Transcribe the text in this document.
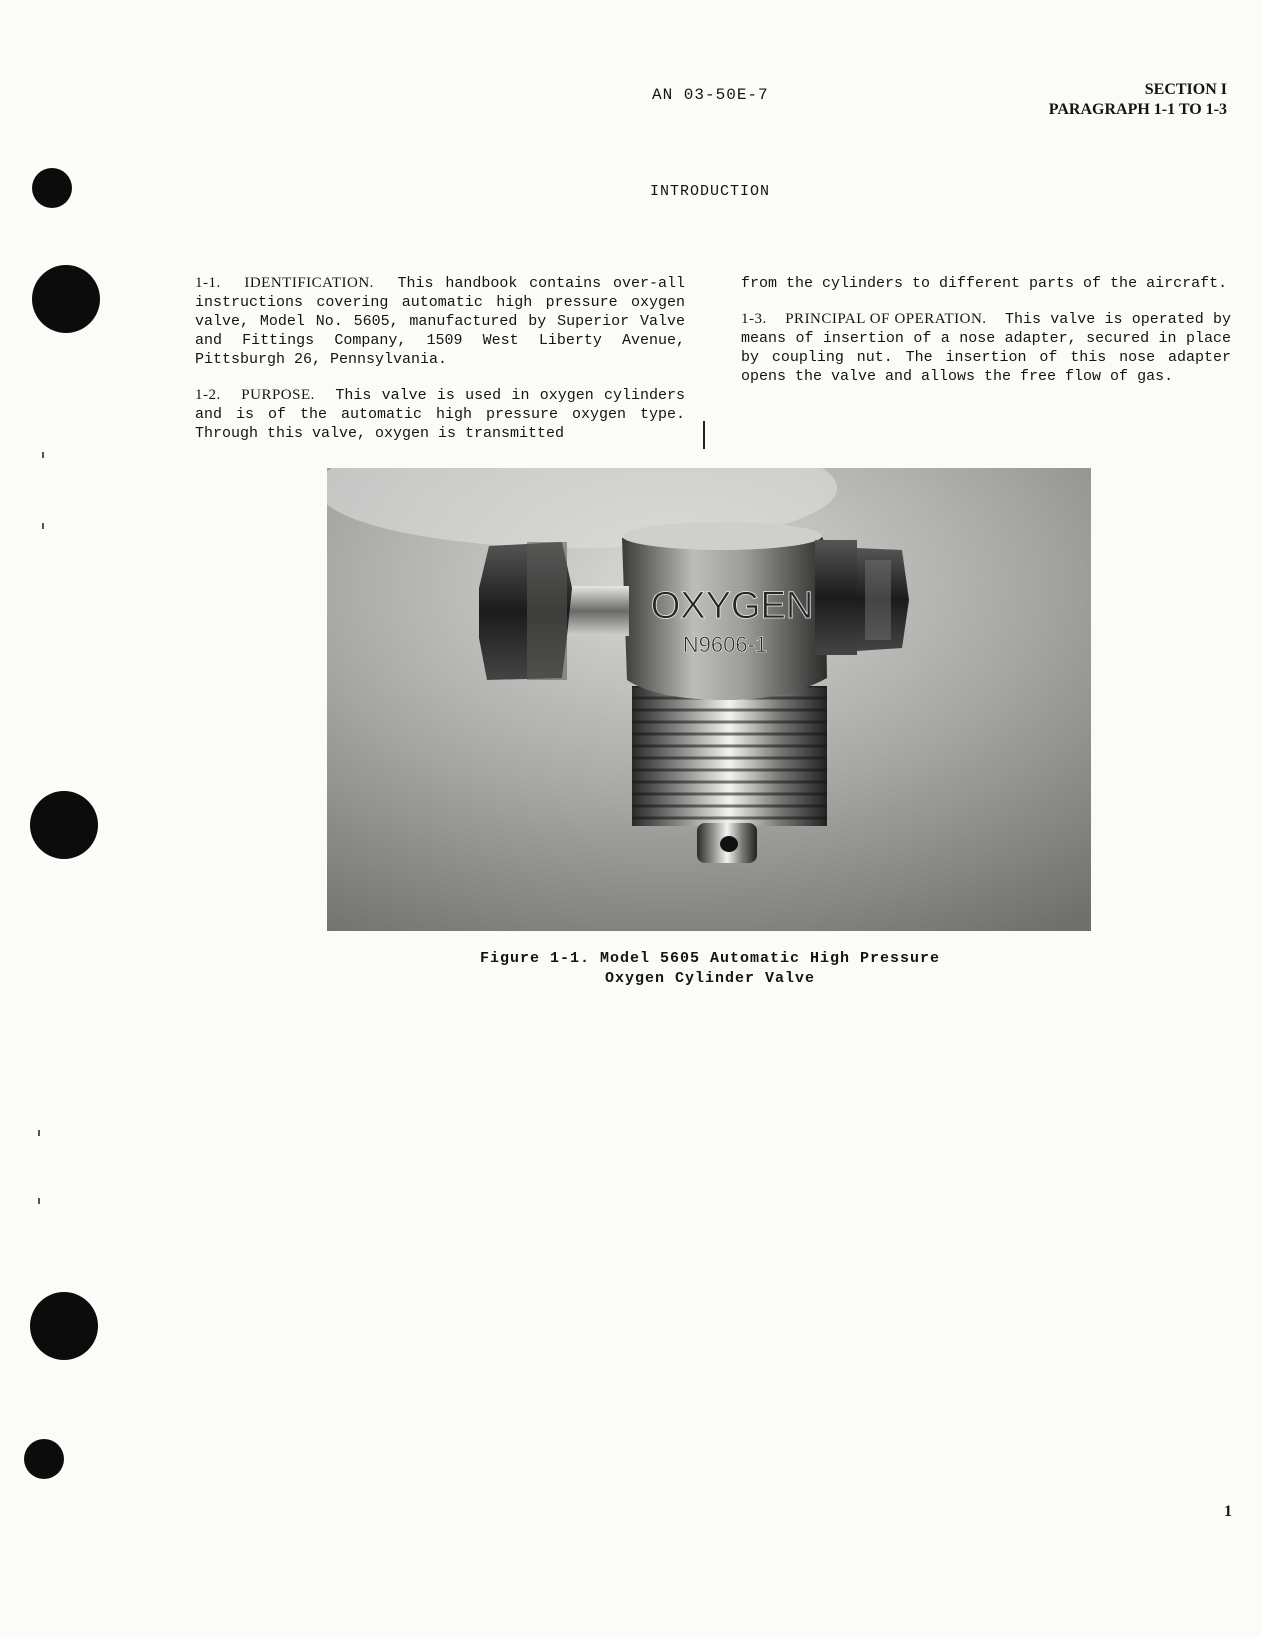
AN 03-50E-7	SECTION I
PARAGRAPH 1-1 TO 1-3
INTRODUCTION

1-1. IDENTIFICATION. This handbook contains over-all instructions covering automatic high pressure oxygen valve, Model No. 5605, manufactured by Superior Valve and Fittings Company, 1509 West Liberty Avenue, Pittsburgh 26, Pennsylvania.

1-2. PURPOSE. This valve is used in oxygen cylinders and is of the automatic high pressure oxygen type. Through this valve, oxygen is transmitted

from the cylinders to different parts of the aircraft.

1-3. PRINCIPAL OF OPERATION. This valve is operated by means of insertion of a nose adapter, secured in place by coupling nut. The insertion of this nose adapter opens the valve and allows the free flow of gas.

OXYGEN
N9606-1
Figure 1-1. Model 5605 Automatic High Pressure
Oxygen Cylinder Valve
1
